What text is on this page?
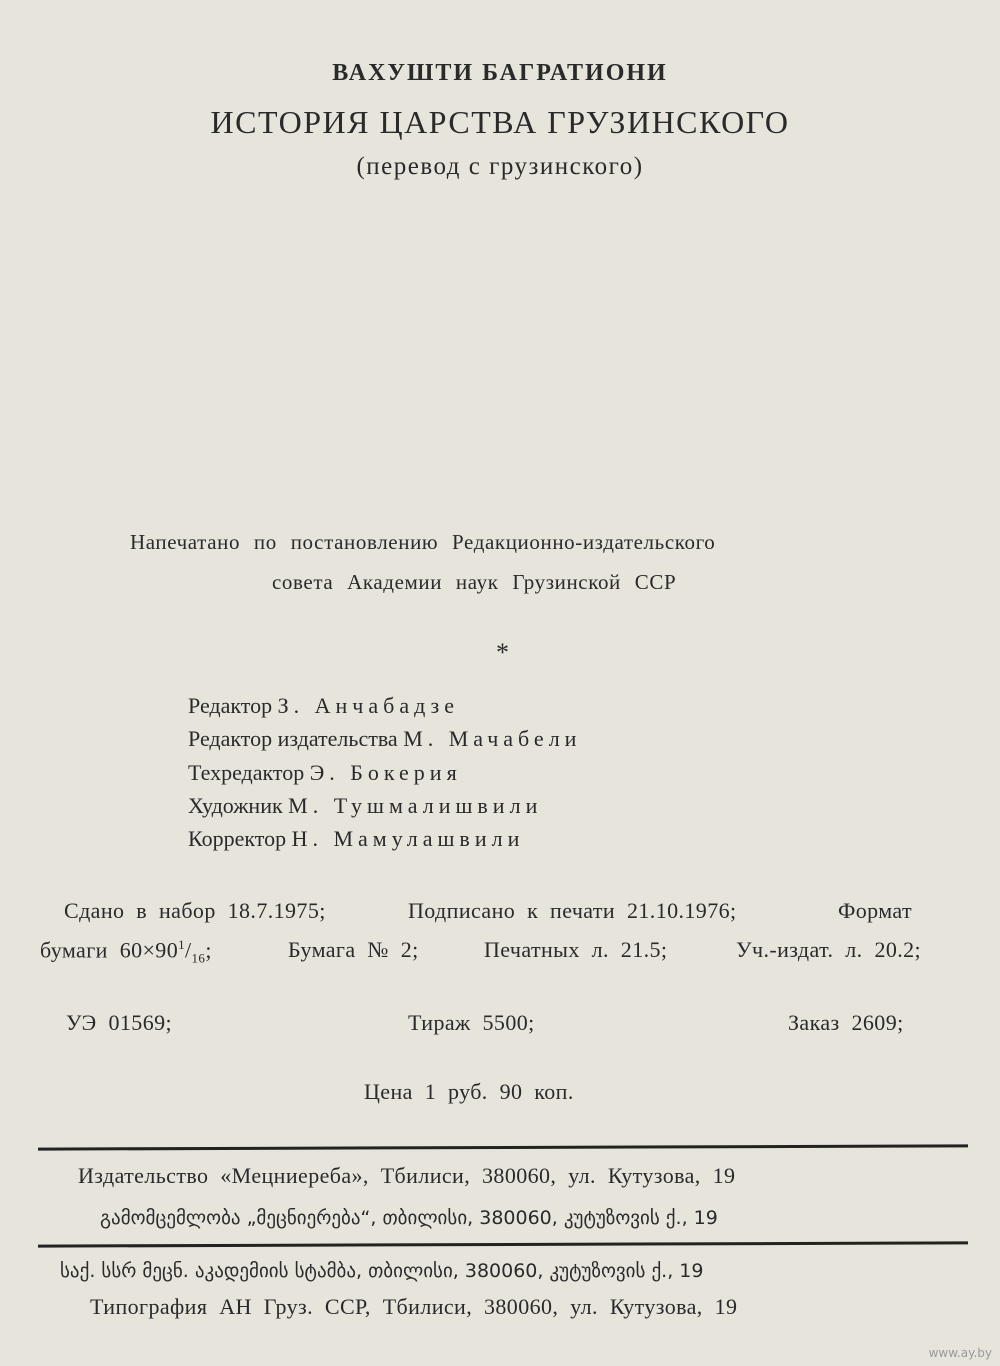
ВАХУШТИ БАГРАТИОНИ
ИСТОРИЯ ЦАРСТВА ГРУЗИНСКОГО
(перевод с грузинского)
Напечатано по постановлению Редакционно-издательского
совета Академии наук Грузинской ССР
*
Редактор З. Анчабадзе
Редактор издательства М. Мачабели
Техредактор Э. Бокерия
Художник М. Тушмалишвили
Корректор Н. Мамулашвили
Сдано в набор 18.7.1975;	Подписано к печати 21.10.1976;	Формат
бумаги $60\times 90^1/_{16}$;	Бумага № 2;	Печатных л. 21.5;	Уч.-издат. л. 20.2;
УЭ 01569;	Тираж 5500;	Заказ 2609;
Цена 1 руб. 90 коп.
Издательство «Мецниереба», Тбилиси, 380060, ул. Кутузова, 19
გამომცემლობა „მეცნიერება“, თბილისი, 380060, კუტუზოვის ქ., 19
საქ. სსრ მეცნ. აკადემიის სტამბა, თბილისი, 380060, კუტუზოვის ქ., 19
Типография АН Груз. ССР, Тбилиси, 380060, ул. Кутузова, 19
www.ay.by
